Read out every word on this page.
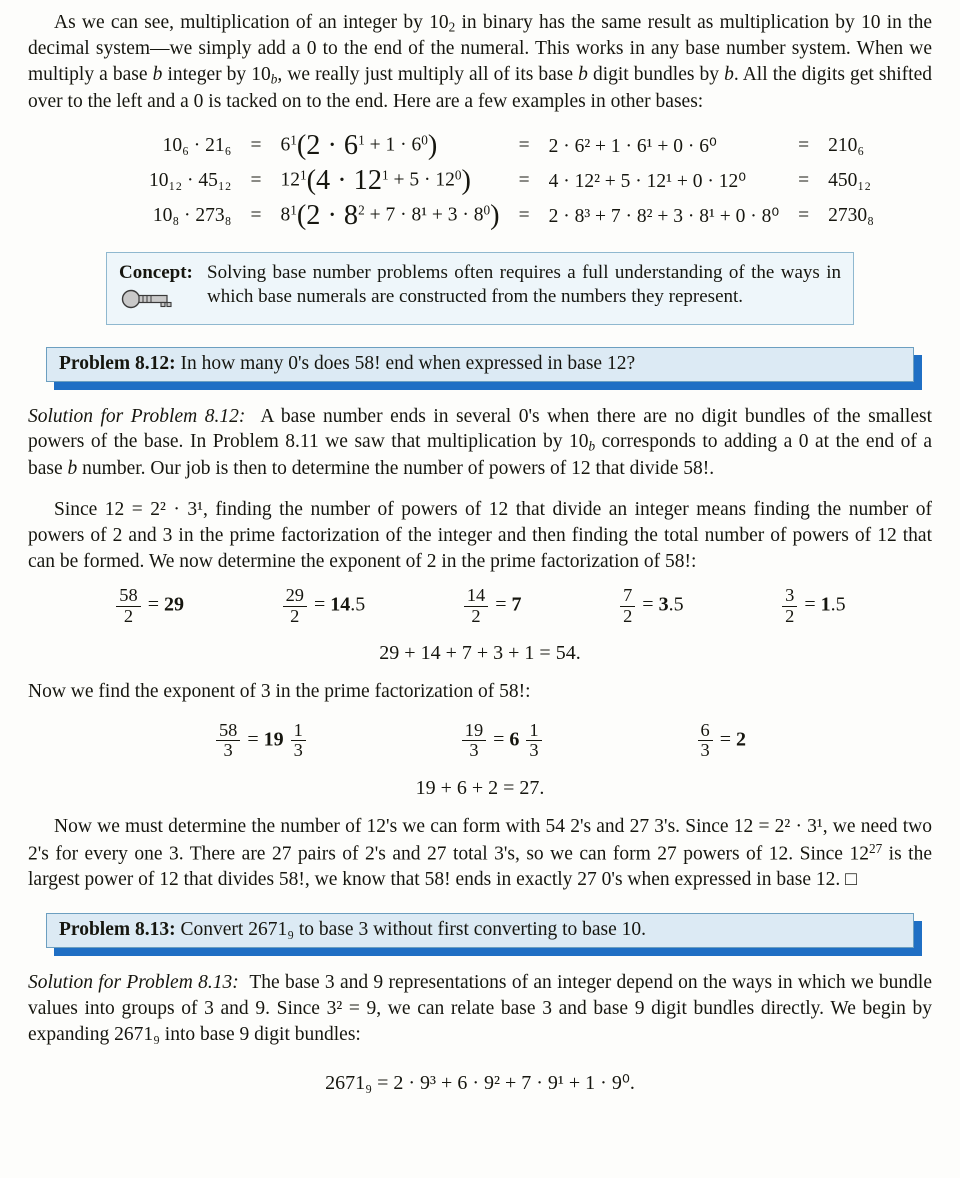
As we can see, multiplication of an integer by $10_2$ in binary has the same result as multiplication by 10 in the decimal system—we simply add a 0 to the end of the numeral. This works in any base number system. When we multiply a base b integer by $10_b$, we really just multiply all of its base b digit bundles by b. All the digits get shifted over to the left and a 0 is tacked on to the end. Here are a few examples in other bases:

10₆ · 21₆	=	$6^1(2 \cdot 6^1 + 1 \cdot 6^0)$	=	2 · 6² + 1 · 6¹ + 0 · 6⁰	=	210₆
10₁₂ · 45₁₂	=	$12^1(4 \cdot 12^1 + 5 \cdot 12^0)$	=	4 · 12² + 5 · 12¹ + 0 · 12⁰	=	450₁₂
10₈ · 273₈	=	$8^1(2 \cdot 8^2 + 7 \cdot 8^1 + 3 \cdot 8^0)$	=	2 · 8³ + 7 · 8² + 3 · 8¹ + 0 · 8⁰	=	2730₈
Concept: Solving base number problems often requires a full understanding of the ways in which base numerals are constructed from the numbers they represent.
Problem 8.12: In how many 0's does 58! end when expressed in base 12?

Solution for Problem 8.12: A base number ends in several 0's when there are no digit bundles of the smallest powers of the base. In Problem 8.11 we saw that multiplication by $10_b$ corresponds to adding a 0 at the end of a base b number. Our job is then to determine the number of powers of 12 that divide 58!.

Since 12 = 2² · 3¹, finding the number of powers of 12 that divide an integer means finding the number of powers of 2 and 3 in the prime factorization of the integer and then finding the total number of powers of 12 that can be formed. We now determine the exponent of 2 in the prime factorization of 58!:

$\frac{58}{2} = 29$	$\frac{29}{2} = 14.5$	$\frac{14}{2} = 7$	$\frac{7}{2} = 3.5$	$\frac{3}{2} = 1.5$
29 + 14 + 7 + 3 + 1 = 54.

Now we find the exponent of 3 in the prime factorization of 58!:

$\frac{58}{3} = 19 \frac{1}{3}$	$\frac{19}{3} = 6 \frac{1}{3}$	$\frac{6}{3} = 2$
19 + 6 + 2 = 27.

Now we must determine the number of 12's we can form with 54 2's and 27 3's. Since 12 = 2² · 3¹, we need two 2's for every one 3. There are 27 pairs of 2's and 27 total 3's, so we can form 27 powers of 12. Since $12^{27}$ is the largest power of 12 that divides 58!, we know that 58! ends in exactly 27 0's when expressed in base 12. □

Problem 8.13: Convert 2671₉ to base 3 without first converting to base 10.

Solution for Problem 8.13: The base 3 and 9 representations of an integer depend on the ways in which we bundle values into groups of 3 and 9. Since 3² = 9, we can relate base 3 and base 9 digit bundles directly. We begin by expanding 2671₉ into base 9 digit bundles:

2671₉ = 2 · 9³ + 6 · 9² + 7 · 9¹ + 1 · 9⁰.
